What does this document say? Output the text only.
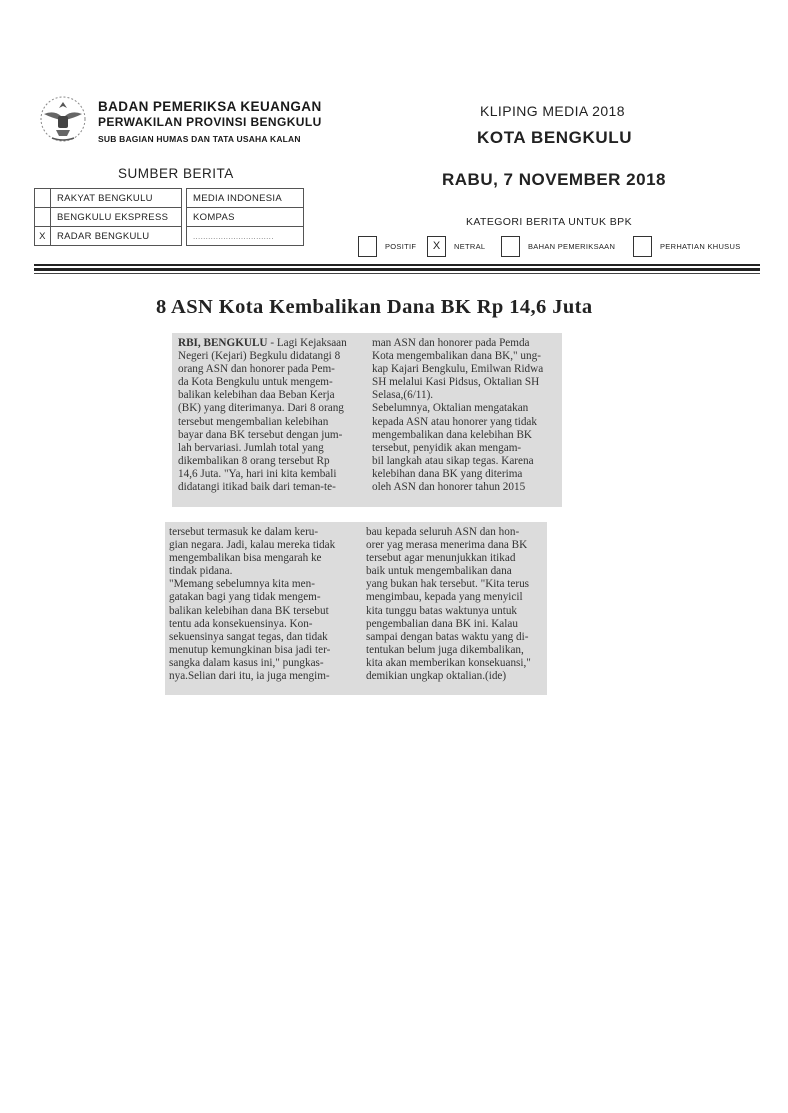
BADAN PEMERIKSA KEUANGAN
PERWAKILAN PROVINSI BENGKULU
SUB BAGIAN HUMAS DAN TATA USAHA KALAN
KLIPING MEDIA 2018
KOTA BENGKULU
SUMBER BERITA	RABU, 7 NOVEMBER 2018
	RAKYAT BENGKULU		MEDIA INDONESIA
	BENGKULU EKSPRESS		KOMPAS
X	RADAR BENGKULU		................................
KATEGORI BERITA UNTUK BPK
POSITIF	X	NETRAL	BAHAN PEMERIKSAAN	PERHATIAN KHUSUS
8 ASN Kota Kembalikan Dana BK Rp 14,6 Juta

RBI, BENGKULU - Lagi Kejaksaan

Negeri (Kejari) Begkulu didatangi 8

orang ASN dan honorer pada Pem-

da Kota Bengkulu untuk mengem-

balikan kelebihan daa Beban Kerja

(BK) yang diterimanya. Dari 8 orang

tersebut mengembalian kelebihan

bayar dana BK tersebut dengan jum-

lah bervariasi. Jumlah total yang

dikembalikan 8 orang tersebut Rp

14,6 Juta. "Ya, hari ini kita kembali

didatangi itikad baik dari teman-te-

man ASN dan honorer pada Pemda

Kota mengembalikan dana BK," ung-

kap Kajari Bengkulu, Emilwan Ridwa

SH melalui Kasi Pidsus, Oktalian SH

Selasa,(6/11).

Sebelumnya, Oktalian mengatakan

kepada ASN atau honorer yang tidak

mengembalikan dana kelebihan BK

tersebut, penyidik akan mengam-

bil langkah atau sikap tegas. Karena

kelebihan dana BK yang diterima

oleh ASN dan honorer tahun 2015

tersebut termasuk ke dalam keru-

gian negara. Jadi, kalau mereka tidak

mengembalikan bisa mengarah ke

tindak pidana.

"Memang sebelumnya kita men-

gatakan bagi yang tidak mengem-

balikan kelebihan dana BK tersebut

tentu ada konsekuensinya. Kon-

sekuensinya sangat tegas, dan tidak

menutup kemungkinan bisa jadi ter-

sangka dalam kasus ini," pungkas-

nya.Selian dari itu, ia juga mengim-

bau kepada seluruh ASN dan hon-

orer yag merasa menerima dana BK

tersebut agar menunjukkan itikad

baik untuk mengembalikan dana

yang bukan hak tersebut. "Kita terus

mengimbau, kepada yang menyicil

kita tunggu batas waktunya untuk

pengembalian dana BK ini. Kalau

sampai dengan batas waktu yang di-

tentukan belum juga dikembalikan,

kita akan memberikan konsekuansi,"

demikian ungkap oktalian.(ide)
